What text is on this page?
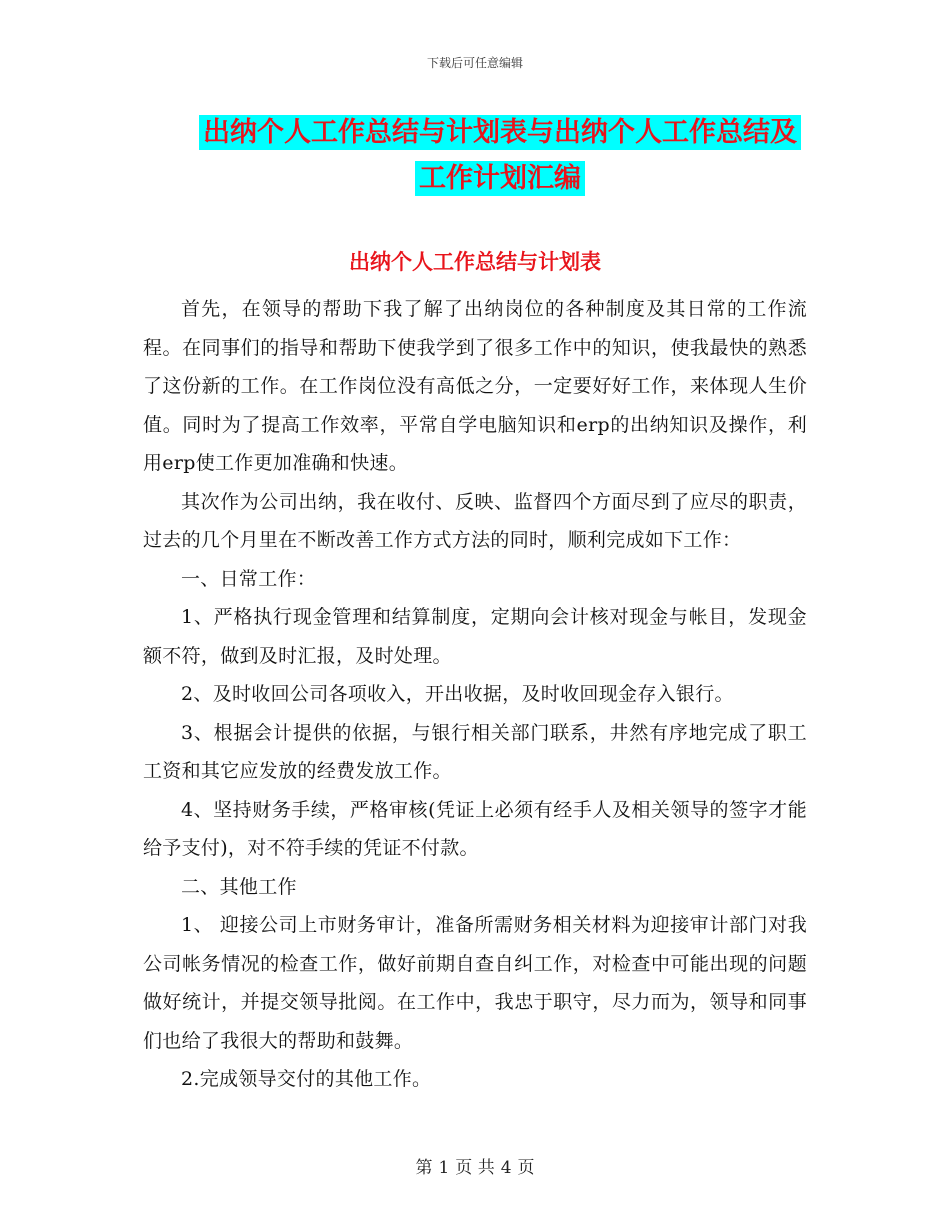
下载后可任意编辑
出纳个人工作总结与计划表与出纳个人工作总结及工作计划汇编
出纳个人工作总结与计划表

首先，在领导的帮助下我了解了出纳岗位的各种制度及其日常的工作流程。在同事们的指导和帮助下使我学到了很多工作中的知识，使我最快的熟悉了这份新的工作。在工作岗位没有高低之分，一定要好好工作，来体现人生价值。同时为了提高工作效率，平常自学电脑知识和erp的出纳知识及操作，利用erp使工作更加准确和快速。

其次作为公司出纳，我在收付、反映、监督四个方面尽到了应尽的职责，过去的几个月里在不断改善工作方式方法的同时，顺利完成如下工作：

一、日常工作：

1、严格执行现金管理和结算制度，定期向会计核对现金与帐目，发现金额不符，做到及时汇报，及时处理。

2、及时收回公司各项收入，开出收据，及时收回现金存入银行。

3、根据会计提供的依据，与银行相关部门联系，井然有序地完成了职工工资和其它应发放的经费发放工作。

4、坚持财务手续，严格审核(凭证上必须有经手人及相关领导的签字才能给予支付)，对不符手续的凭证不付款。

二、其他工作

1、 迎接公司上市财务审计，准备所需财务相关材料为迎接审计部门对我公司帐务情况的检查工作，做好前期自查自纠工作，对检查中可能出现的问题做好统计，并提交领导批阅。在工作中，我忠于职守，尽力而为，领导和同事们也给了我很大的帮助和鼓舞。

2.完成领导交付的其他工作。

第 1 页 共 4 页
